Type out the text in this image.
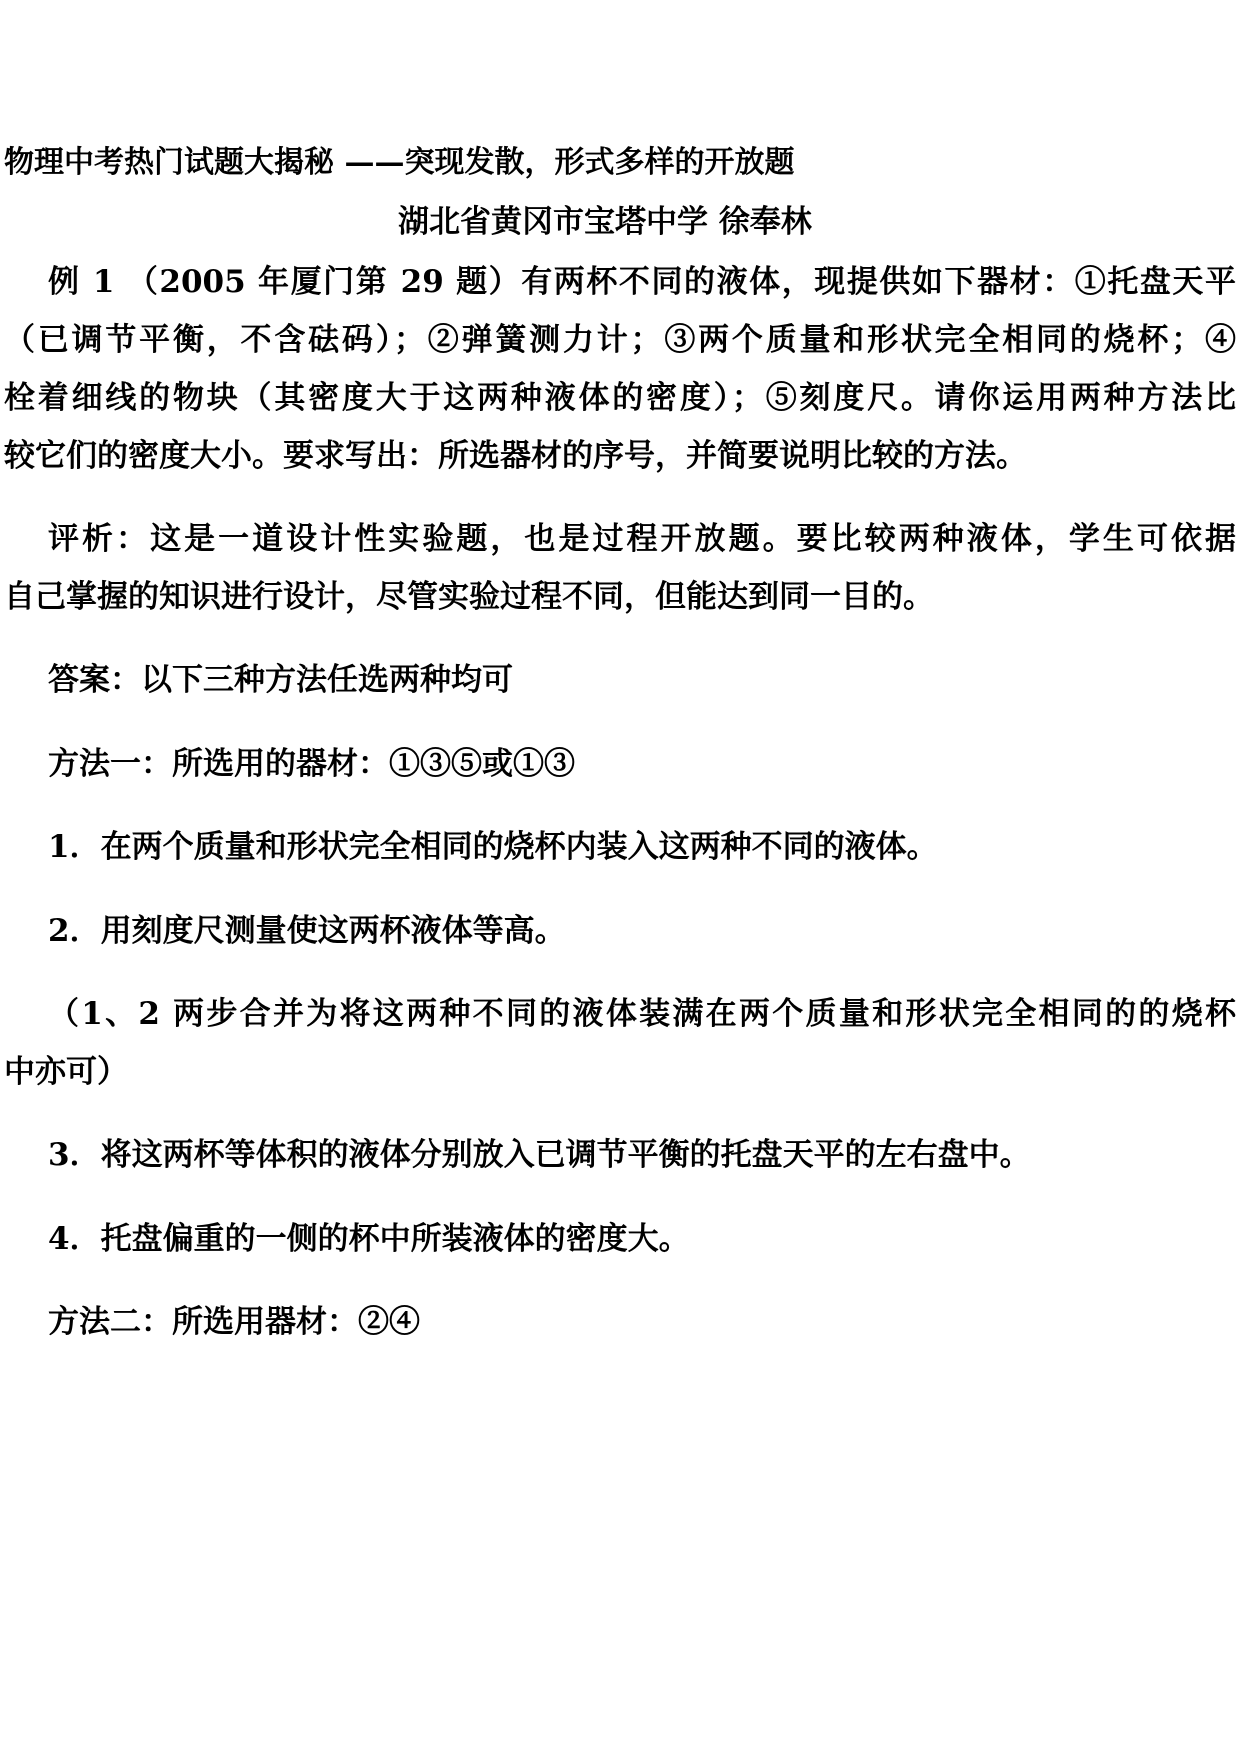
物理中考热门试题大揭秘 ——突现发散，形式多样的开放题
湖北省黄冈市宝塔中学 徐奉林
例 1 （2005 年厦门第 29 题）有两杯不同的液体，现提供如下器材：①托盘天平
（已调节平衡，不含砝码）；②弹簧测力计；③两个质量和形状完全相同的烧杯；④
栓着细线的物块（其密度大于这两种液体的密度）；⑤刻度尺。请你运用两种方法比
较它们的密度大小。要求写出：所选器材的序号，并简要说明比较的方法。
评析：这是一道设计性实验题，也是过程开放题。要比较两种液体，学生可依据
自己掌握的知识进行设计，尽管实验过程不同，但能达到同一目的。
答案：以下三种方法任选两种均可
方法一：所选用的器材：①③⑤或①③
1．在两个质量和形状完全相同的烧杯内装入这两种不同的液体。
2．用刻度尺测量使这两杯液体等高。
（1、2 两步合并为将这两种不同的液体装满在两个质量和形状完全相同的的烧杯
中亦可）
3．将这两杯等体积的液体分别放入已调节平衡的托盘天平的左右盘中。
4．托盘偏重的一侧的杯中所装液体的密度大。
方法二：所选用器材：②④
